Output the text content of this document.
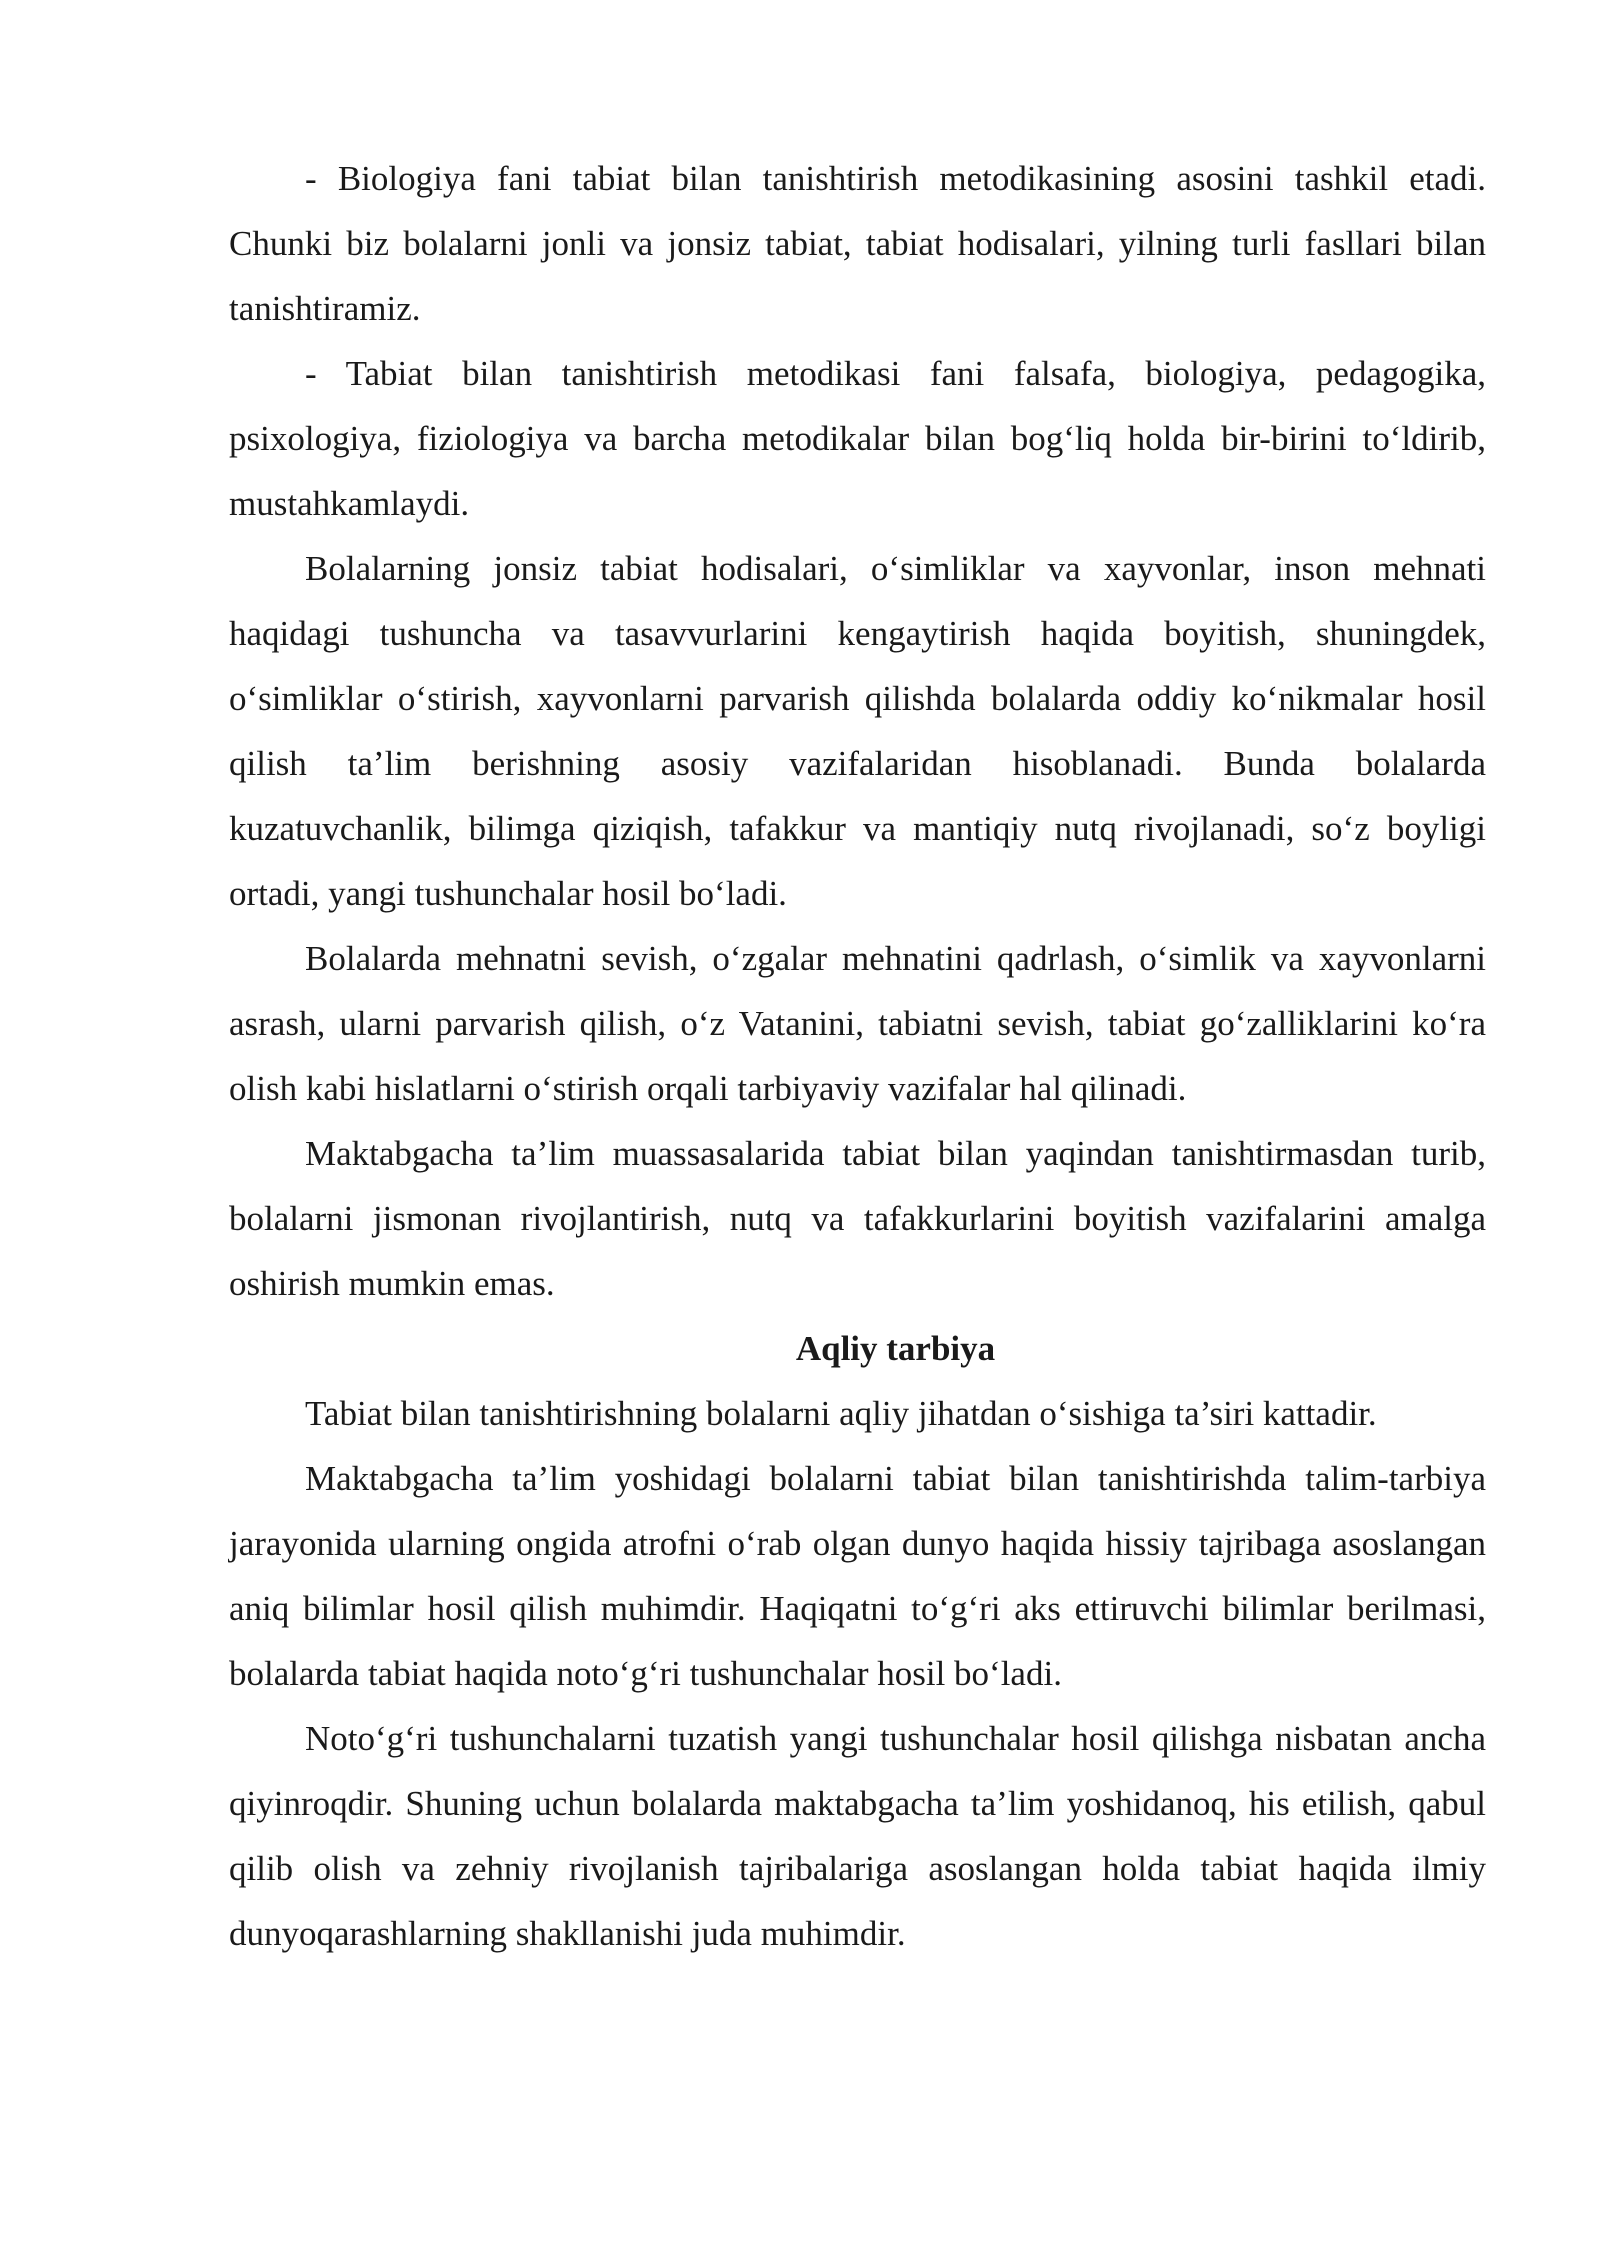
- Biologiya fani tabiat bilan tanishtirish metodikasining asosini tashkil etadi. Chunki biz bolalarni jonli va jonsiz tabiat, tabiat hodisalari, yilning turli fasllari bilan tanishtiramiz.

- Tabiat bilan tanishtirish metodikasi fani falsafa, biologiya, pedagogika, psixologiya, fiziologiya va barcha metodikalar bilan bog‘liq holda bir-birini to‘ldirib, mustahkamlaydi.

Bolalarning jonsiz tabiat hodisalari, o‘simliklar va xayvonlar, inson mehnati haqidagi tushuncha va tasavvurlarini kengaytirish haqida boyitish, shuningdek, o‘simliklar o‘stirish, xayvonlarni parvarish qilishda bolalarda oddiy ko‘nikmalar hosil qilish ta’lim berishning asosiy vazifalaridan hisoblanadi. Bunda bolalarda kuzatuvchanlik, bilimga qiziqish, tafakkur va mantiqiy nutq rivojlanadi, so‘z boyligi ortadi, yangi tushunchalar hosil bo‘ladi.

Bolalarda mehnatni sevish, o‘zgalar mehnatini qadrlash, o‘simlik va xayvonlarni asrash, ularni parvarish qilish, o‘z Vatanini, tabiatni sevish, tabiat go‘zalliklarini ko‘ra olish kabi hislatlarni o‘stirish orqali tarbiyaviy vazifalar hal qilinadi.

Maktabgacha ta’lim muassasalarida tabiat bilan yaqindan tanishtirmasdan turib, bolalarni jismonan rivojlantirish, nutq va tafakkurlarini boyitish vazifalarini amalga oshirish mumkin emas.

Aqliy tarbiya

Tabiat bilan tanishtirishning bolalarni aqliy jihatdan o‘sishiga ta’siri kattadir.

Maktabgacha ta’lim yoshidagi bolalarni tabiat bilan tanishtirishda talim-tarbiya jarayonida ularning ongida atrofni o‘rab olgan dunyo haqida hissiy tajribaga asoslangan aniq bilimlar hosil qilish muhimdir. Haqiqatni to‘g‘ri aks ettiruvchi bilimlar berilmasi, bolalarda tabiat haqida noto‘g‘ri tushunchalar hosil bo‘ladi.

Noto‘g‘ri tushunchalarni tuzatish yangi tushunchalar hosil qilishga nisbatan ancha qiyinroqdir. Shuning uchun bolalarda maktabgacha ta’lim yoshidanoq, his etilish, qabul qilib olish va zehniy rivojlanish tajribalariga asoslangan holda tabiat haqida ilmiy dunyoqarashlarning shakllanishi juda muhimdir.
